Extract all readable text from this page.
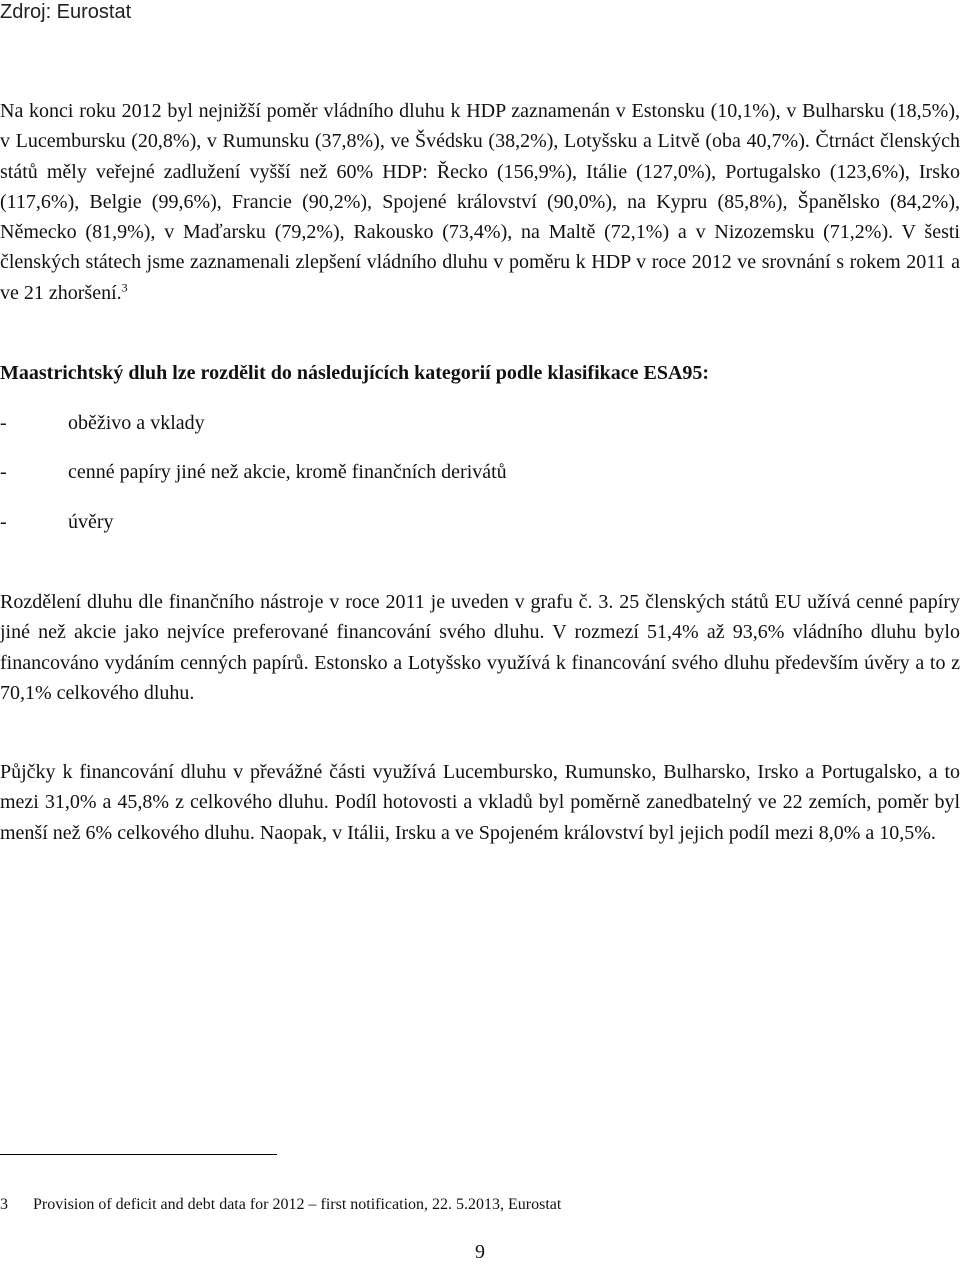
Zdroj: Eurostat

Na konci roku 2012 byl nejnižší poměr vládního dluhu k HDP zaznamenán v Estonsku (10,1%), v Bulharsku (18,5%), v Lucembursku (20,8%), v Rumunsku (37,8%), ve Švédsku (38,2%), Lotyšsku a Litvě (oba 40,7%). Čtrnáct členských států měly veřejné zadlužení vyšší než 60% HDP: Řecko (156,9%), Itálie (127,0%), Portugalsko (123,6%), Irsko (117,6%), Belgie (99,6%), Francie (90,2%), Spojené království (90,0%), na Kypru (85,8%), Španělsko (84,2%), Německo (81,9%), v Maďarsku (79,2%), Rakousko (73,4%), na Maltě (72,1%) a v Nizozemsku (71,2%). V šesti členských státech jsme zaznamenali zlepšení vládního dluhu v poměru k HDP v roce 2012 ve srovnání s rokem 2011 a ve 21 zhoršení.$^3$

Maastrichtský dluh lze rozdělit do následujících kategorií podle klasifikace ESA95:

-	oběživo a vklady
-	cenné papíry jiné než akcie, kromě finančních derivátů
-	úvěry

Rozdělení dluhu dle finančního nástroje v roce 2011 je uveden v grafu č. 3. 25 členských států EU užívá cenné papíry jiné než akcie jako nejvíce preferované financování svého dluhu. V rozmezí 51,4% až 93,6% vládního dluhu bylo financováno vydáním cenných papírů. Estonsko a Lotyšsko využívá k financování svého dluhu především úvěry a to z 70,1% celkového dluhu.

Půjčky k financování dluhu v převážné části využívá Lucembursko, Rumunsko, Bulharsko, Irsko a Portugalsko, a to mezi 31,0% a 45,8% z celkového dluhu. Podíl hotovosti a vkladů byl poměrně zanedbatelný ve 22 zemích, poměr byl menší než 6% celkového dluhu. Naopak, v Itálii, Irsku a ve Spojeném království byl jejich podíl mezi 8,0% a 10,5%.

3 Provision of deficit and debt data for 2012 – first notification, 22. 5.2013, Eurostat
9
